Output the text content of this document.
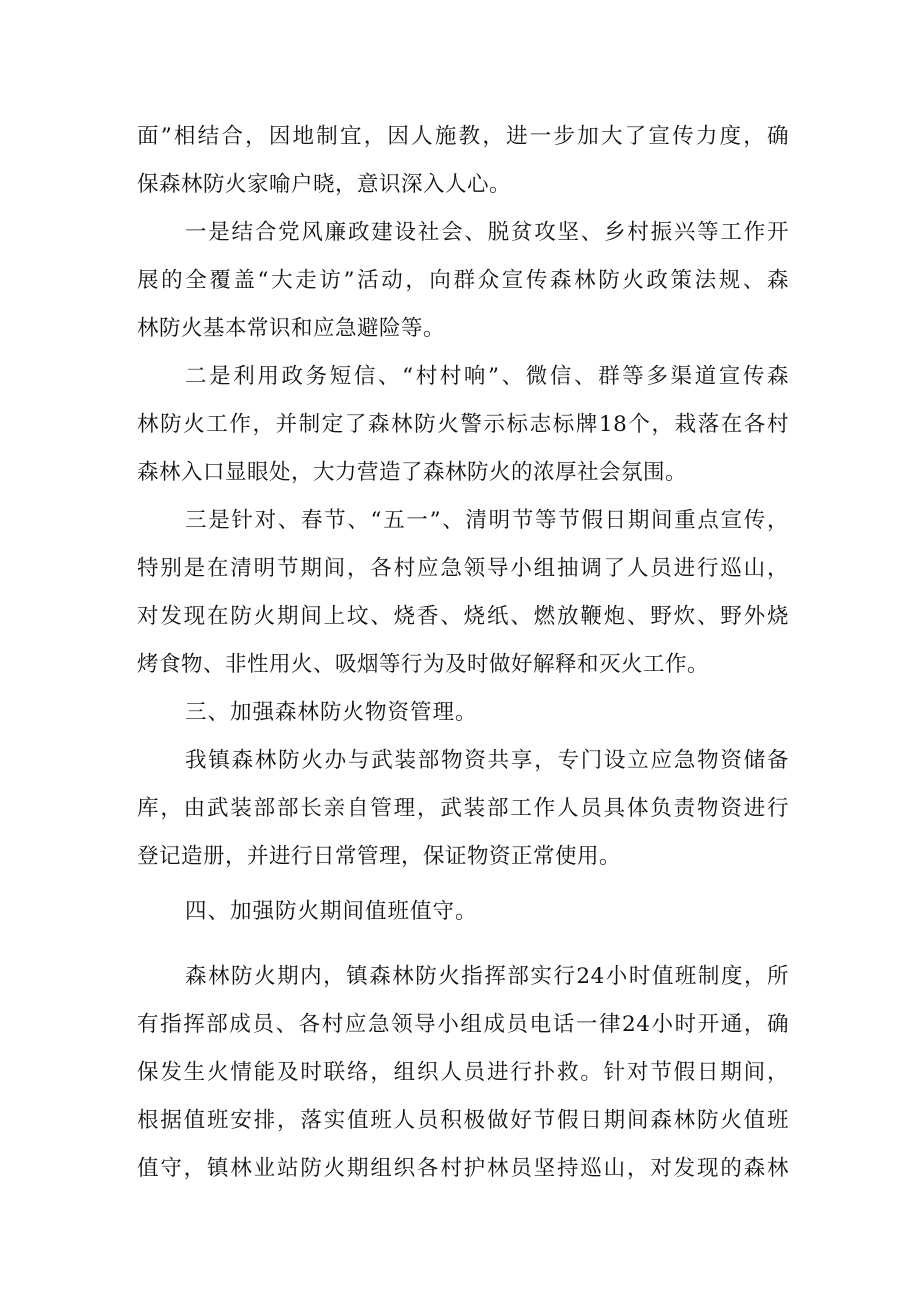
面”相结合，因地制宜，因人施教，进一步加大了宣传力度，确
保森林防火家喻户晓，意识深入人心。
一是结合党风廉政建设社会、脱贫攻坚、乡村振兴等工作开
展的全覆盖“大走访”活动，向群众宣传森林防火政策法规、森
林防火基本常识和应急避险等。
二是利用政务短信、“村村响”、微信、群等多渠道宣传森
林防火工作，并制定了森林防火警示标志标牌18个，栽落在各村
森林入口显眼处，大力营造了森林防火的浓厚社会氛围。
三是针对、春节、“五一”、清明节等节假日期间重点宣传，
特别是在清明节期间，各村应急领导小组抽调了人员进行巡山，
对发现在防火期间上坟、烧香、烧纸、燃放鞭炮、野炊、野外烧
烤食物、非性用火、吸烟等行为及时做好解释和灭火工作。
三、加强森林防火物资管理。
我镇森林防火办与武装部物资共享，专门设立应急物资储备
库，由武装部部长亲自管理，武装部工作人员具体负责物资进行
登记造册，并进行日常管理，保证物资正常使用。
四、加强防火期间值班值守。
森林防火期内，镇森林防火指挥部实行24小时值班制度，所
有指挥部成员、各村应急领导小组成员电话一律24小时开通，确
保发生火情能及时联络，组织人员进行扑救。针对节假日期间，
根据值班安排，落实值班人员积极做好节假日期间森林防火值班
值守，镇林业站防火期组织各村护林员坚持巡山，对发现的森林
